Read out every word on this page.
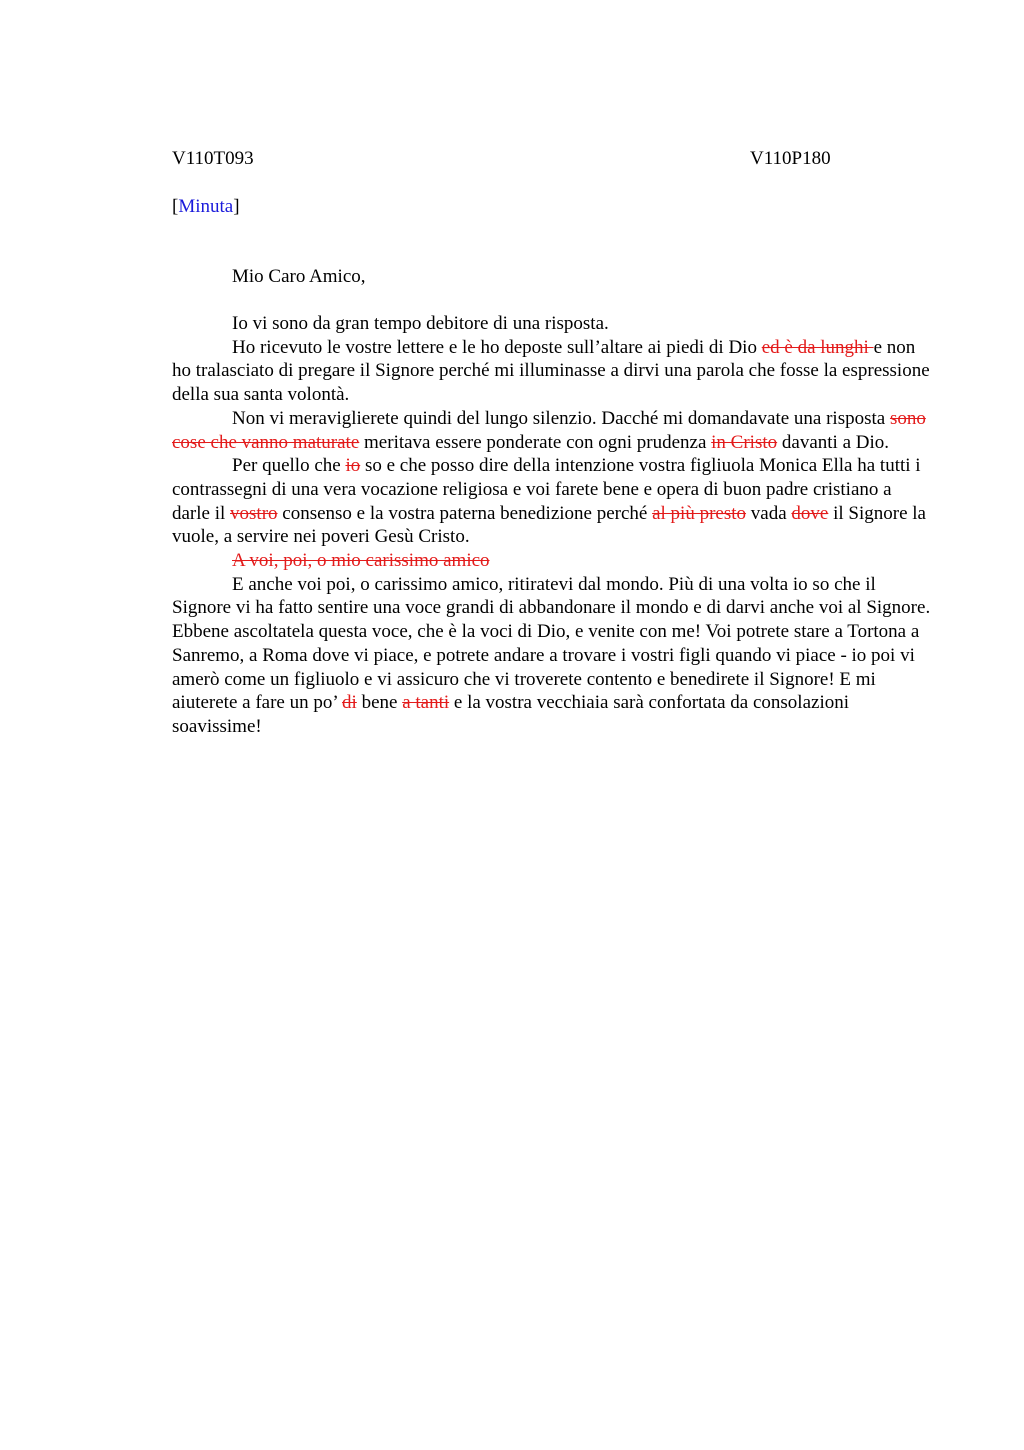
V110T093	V110P180
[Minuta]
Mio Caro Amico,

Io vi sono da gran tempo debitore di una risposta.

Ho ricevuto le vostre lettere e le ho deposte sull’altare ai piedi di Dio ed è da lunghi e non ho tralasciato di pregare il Signore perché mi illuminasse a dirvi una parola che fosse la espressione della sua santa volontà.

Non vi meraviglierete quindi del lungo silenzio. Dacché mi domandavate una risposta sono cose che vanno maturate meritava essere ponderate con ogni prudenza in Cristo davanti a Dio.

Per quello che io so e che posso dire della intenzione vostra figliuola Monica Ella ha tutti i contrassegni di una vera vocazione religiosa e voi farete bene e opera di buon padre cristiano a darle il vostro consenso e la vostra paterna benedizione perché al più presto vada dove il Signore la vuole, a servire nei poveri Gesù Cristo.

A voi, poi, o mio carissimo amico

E anche voi poi, o carissimo amico, ritiratevi dal mondo. Più di una volta io so che il Signore vi ha fatto sentire una voce grandi di abbandonare il mondo e di darvi anche voi al Signore. Ebbene ascoltatela questa voce, che è la voci di Dio, e venite con me! Voi potrete stare a Tortona a Sanremo, a Roma dove vi piace, e potrete andare a trovare i vostri figli quando vi piace - io poi vi amerò come un figliuolo e vi assicuro che vi troverete contento e benedirete il Signore! E mi aiuterete a fare un po’ di bene a tanti e la vostra vecchiaia sarà confortata da consolazioni soavissime!
